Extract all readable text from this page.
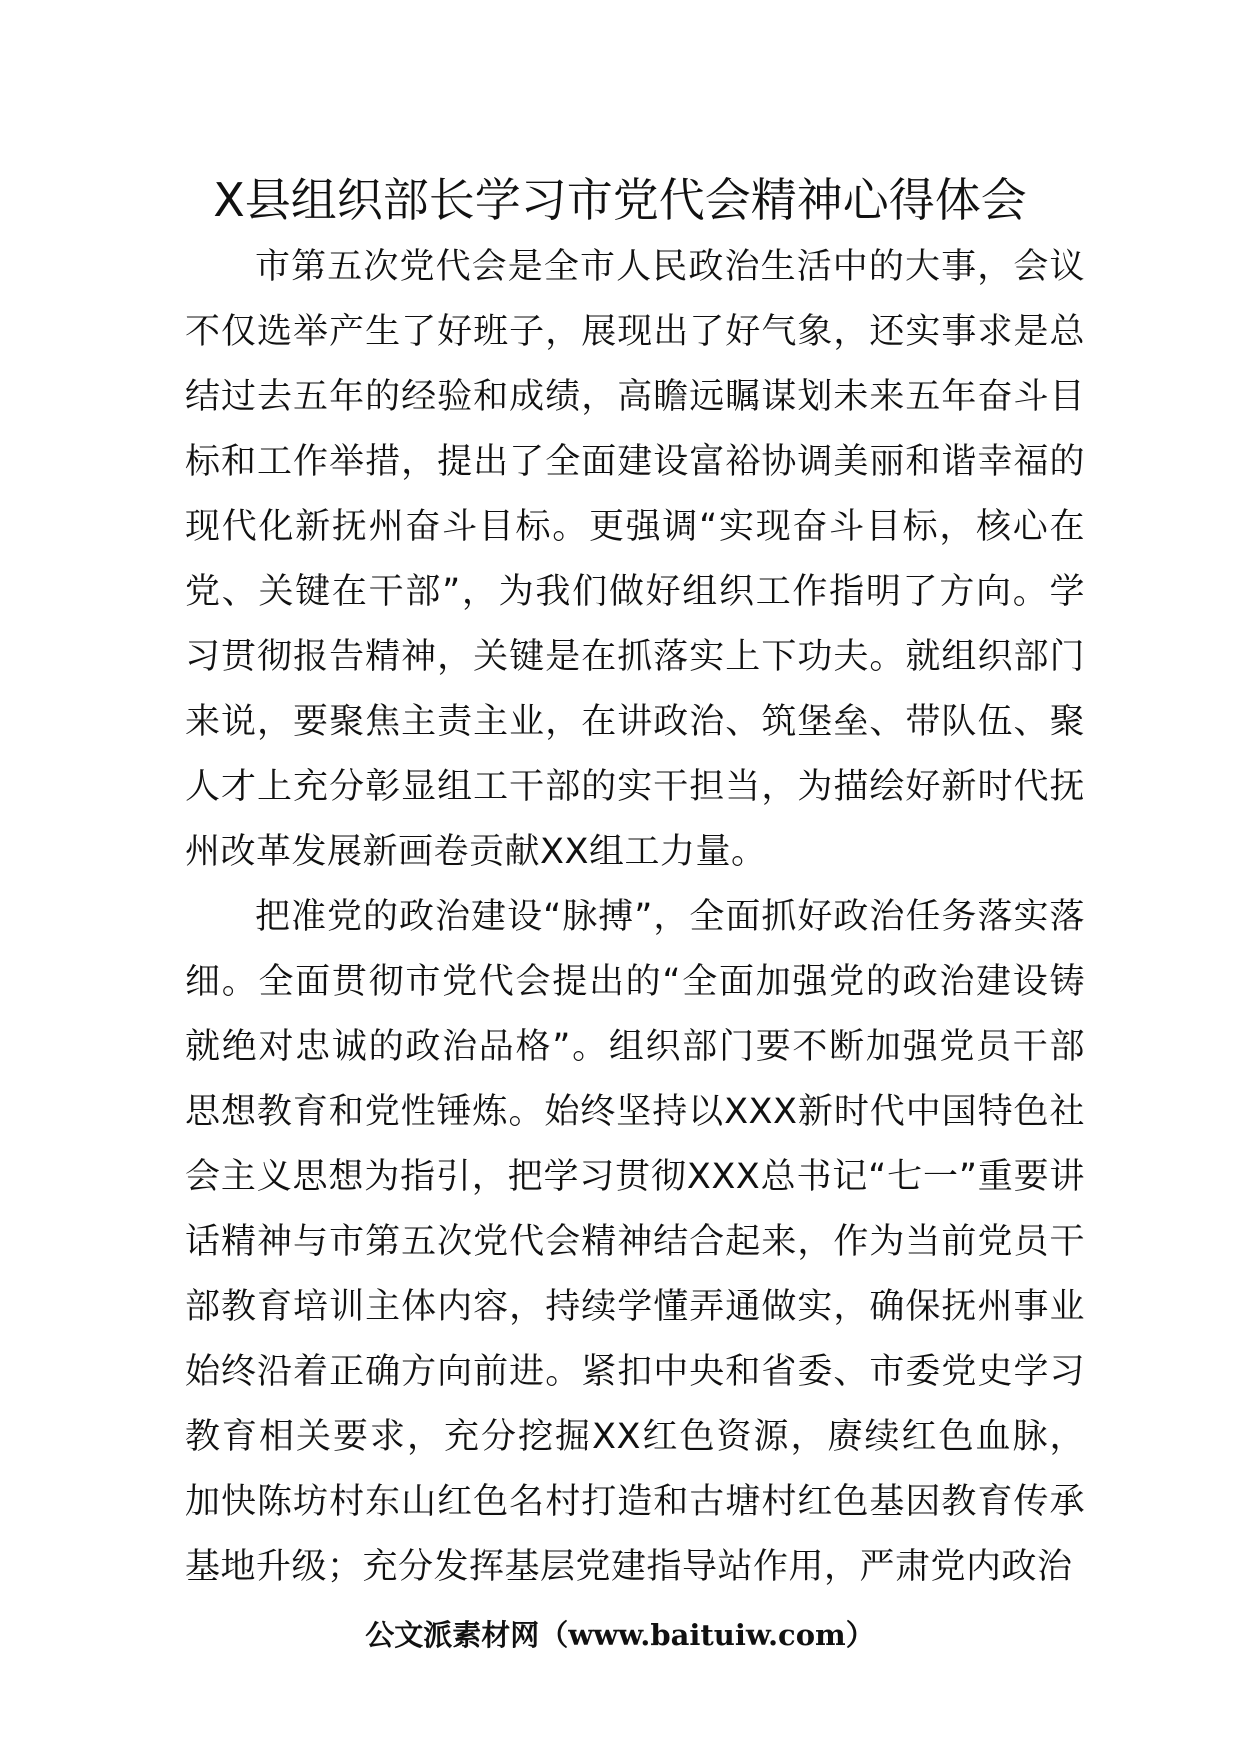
X县组织部长学习市党代会精神心得体会

市第五次党代会是全市人民政治生活中的大事，会议不仅选举产生了好班子，展现出了好气象，还实事求是总结过去五年的经验和成绩，高瞻远瞩谋划未来五年奋斗目标和工作举措，提出了全面建设富裕协调美丽和谐幸福的现代化新抚州奋斗目标。更强调“实现奋斗目标，核心在党、关键在干部”，为我们做好组织工作指明了方向。学习贯彻报告精神，关键是在抓落实上下功夫。就组织部门来说，要聚焦主责主业，在讲政治、筑堡垒、带队伍、聚人才上充分彰显组工干部的实干担当，为描绘好新时代抚州改革发展新画卷贡献XX组工力量。

把准党的政治建设“脉搏”，全面抓好政治任务落实落细。全面贯彻市党代会提出的“全面加强党的政治建设铸就绝对忠诚的政治品格”。组织部门要不断加强党员干部思想教育和党性锤炼。始终坚持以XXX新时代中国特色社会主义思想为指引，把学习贯彻XXX总书记“七一”重要讲话精神与市第五次党代会精神结合起来，作为当前党员干部教育培训主体内容，持续学懂弄通做实，确保抚州事业始终沿着正确方向前进。紧扣中央和省委、市委党史学习教育相关要求，充分挖掘XX红色资源，赓续红色血脉，加快陈坊村东山红色名村打造和古塘村红色基因教育传承基地升级；充分发挥基层党建指导站作用，严肃党内政治

公文派素材网（www.baituiw.com）
